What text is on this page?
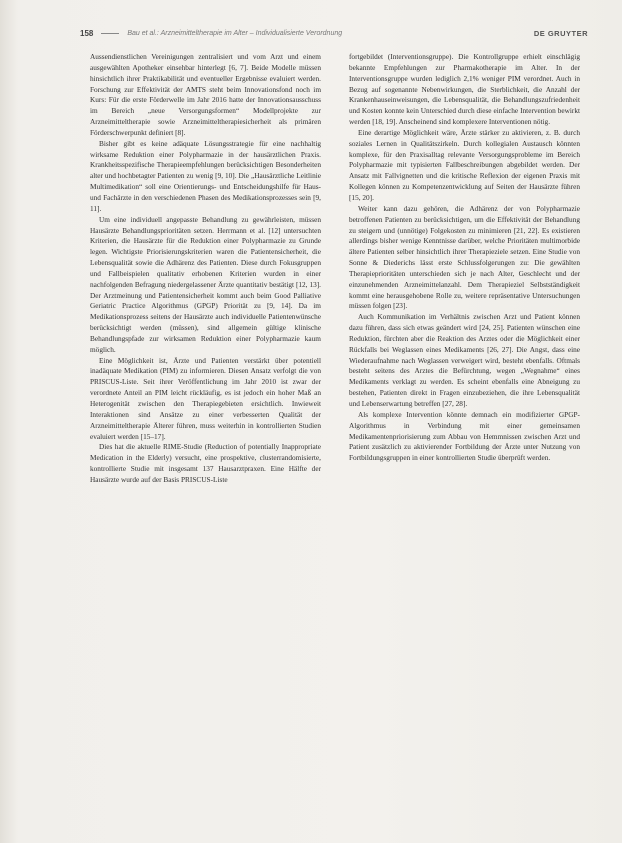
158	Bau et al.: Arzneimitteltherapie im Alter – Individualisierte Verordnung	DE GRUYTER

Aussendienstlichen Vereinigungen zentralisiert und vom Arzt und einem ausgewählten Apotheker einsehbar hinterlegt [6, 7]. Beide Modelle müssen hinsichtlich ihrer Praktikabilität und eventueller Ergebnisse evaluiert werden. Forschung zur Effektivität der AMTS steht beim Innovationsfond noch im Kurs: Für die erste Förderwelle im Jahr 2016 hatte der Innovationsausschuss im Bereich „neue Versorgungsformen“ Modellprojekte zur Arzneimitteltherapie sowie Arzneimitteltherapiesicherheit als primären Förderschwerpunkt definiert [8].

Bisher gibt es keine adäquate Lösungsstrategie für eine nachhaltig wirksame Reduktion einer Polypharmazie in der hausärztlichen Praxis. Krankheitsspezifische Therapieempfehlungen berücksichtigen Besonderheiten alter und hochbetagter Patienten zu wenig [9, 10]. Die „Hausärztliche Leitlinie Multimedikation“ soll eine Orientierungs- und Entscheidungshilfe für Haus- und Fachärzte in den verschiedenen Phasen des Medikationsprozesses sein [9, 11].

Um eine individuell angepasste Behandlung zu gewährleisten, müssen Hausärzte Behandlungsprioritäten setzen. Herrmann et al. [12] untersuchten Kriterien, die Hausärzte für die Reduktion einer Polypharmazie zu Grunde legen. Wichtigste Priorisierungskriterien waren die Patientensicherheit, die Lebensqualität sowie die Adhärenz des Patienten. Diese durch Fokusgruppen und Fallbeispielen qualitativ erhobenen Kriterien wurden in einer nachfolgenden Befragung niedergelassener Ärzte quantitativ bestätigt [12, 13]. Der Arztmeinung und Patientensicherheit kommt auch beim Good Palliative Geriatric Practice Algorithmus (GPGP) Priorität zu [9, 14]. Da im Medikationsprozess seitens der Hausärzte auch individuelle Patientenwünsche berücksichtigt werden (müssen), sind allgemein gültige klinische Behandlungspfade zur wirksamen Reduktion einer Polypharmazie kaum möglich.

Eine Möglichkeit ist, Ärzte und Patienten verstärkt über potentiell inadäquate Medikation (PIM) zu informieren. Diesen Ansatz verfolgt die von PRISCUS-Liste. Seit ihrer Veröffentlichung im Jahr 2010 ist zwar der verordnete Anteil an PIM leicht rückläufig, es ist jedoch ein hoher Maß an Heterogenität zwischen den Therapiegebieten ersichtlich. Inwieweit Interaktionen sind Ansätze zu einer verbesserten Qualität der Arzneimitteltherapie Älterer führen, muss weiterhin in kontrollierten Studien evaluiert werden [15–17].

Dies hat die aktuelle RIME-Studie (Reduction of potentially Inappropriate Medication in the Elderly) versucht, eine prospektive, clusterrandomisierte, kontrollierte Studie mit insgesamt 137 Hausarztpraxen. Eine Hälfte der Hausärzte wurde auf der Basis PRISCUS-Liste

fortgebildet (Interventionsgruppe). Die Kontrollgruppe erhielt einschlägig bekannte Empfehlungen zur Pharmakotherapie im Alter. In der Interventionsgruppe wurden lediglich 2,1% weniger PIM verordnet. Auch in Bezug auf sogenannte Nebenwirkungen, die Sterblichkeit, die Anzahl der Krankenhauseinweisungen, die Lebensqualität, die Behandlungszufriedenheit und Kosten konnte kein Unterschied durch diese einfache Intervention bewirkt werden [18, 19]. Anscheinend sind komplexere Interventionen nötig.

Eine derartige Möglichkeit wäre, Ärzte stärker zu aktivieren, z. B. durch soziales Lernen in Qualitätszirkeln. Durch kollegialen Austausch könnten komplexe, für den Praxisalltag relevante Versorgungsprobleme im Bereich Polypharmazie mit typisierten Fallbeschreibungen abgebildet werden. Der Ansatz mit Fallvignetten und die kritische Reflexion der eigenen Praxis mit Kollegen können zu Kompetenzentwicklung auf Seiten der Hausärzte führen [15, 20].

Weiter kann dazu gehören, die Adhärenz der von Polypharmazie betroffenen Patienten zu berücksichtigen, um die Effektivität der Behandlung zu steigern und (unnötige) Folgekosten zu minimieren [21, 22]. Es existieren allerdings bisher wenige Kenntnisse darüber, welche Prioritäten multimorbide ältere Patienten selber hinsichtlich ihrer Therapieziele setzen. Eine Studie von Sonne & Diederichs lässt erste Schlussfolgerungen zu: Die gewählten Therapieprioritäten unterschieden sich je nach Alter, Geschlecht und der einzunehmenden Arzneimittelanzahl. Dem Therapieziel Selbstständigkeit kommt eine herausgehobene Rolle zu, weitere repräsentative Untersuchungen müssen folgen [23].

Auch Kommunikation im Verhältnis zwischen Arzt und Patient können dazu führen, dass sich etwas geändert wird [24, 25]. Patienten wünschen eine Reduktion, fürchten aber die Reaktion des Arztes oder die Möglichkeit einer Rückfalls bei Weglassen eines Medikaments [26, 27]. Die Angst, dass eine Wiederaufnahme nach Weglassen verweigert wird, besteht ebenfalls. Oftmals besteht seitens des Arztes die Befürchtung, wegen „Wegnahme“ eines Medikaments verklagt zu werden. Es scheint ebenfalls eine Abneigung zu bestehen, Patienten direkt in Fragen einzubeziehen, die ihre Lebensqualität und Lebenserwartung betreffen [27, 28].

Als komplexe Intervention könnte demnach ein modifizierter GPGP-Algorithmus in Verbindung mit einer gemeinsamen Medikamentenpriorisierung zum Abbau von Hemmnissen zwischen Arzt und Patient zusätzlich zu aktivierender Fortbildung der Ärzte unter Nutzung von Fortbildungsgruppen in einer kontrollierten Studie überprüft werden.
